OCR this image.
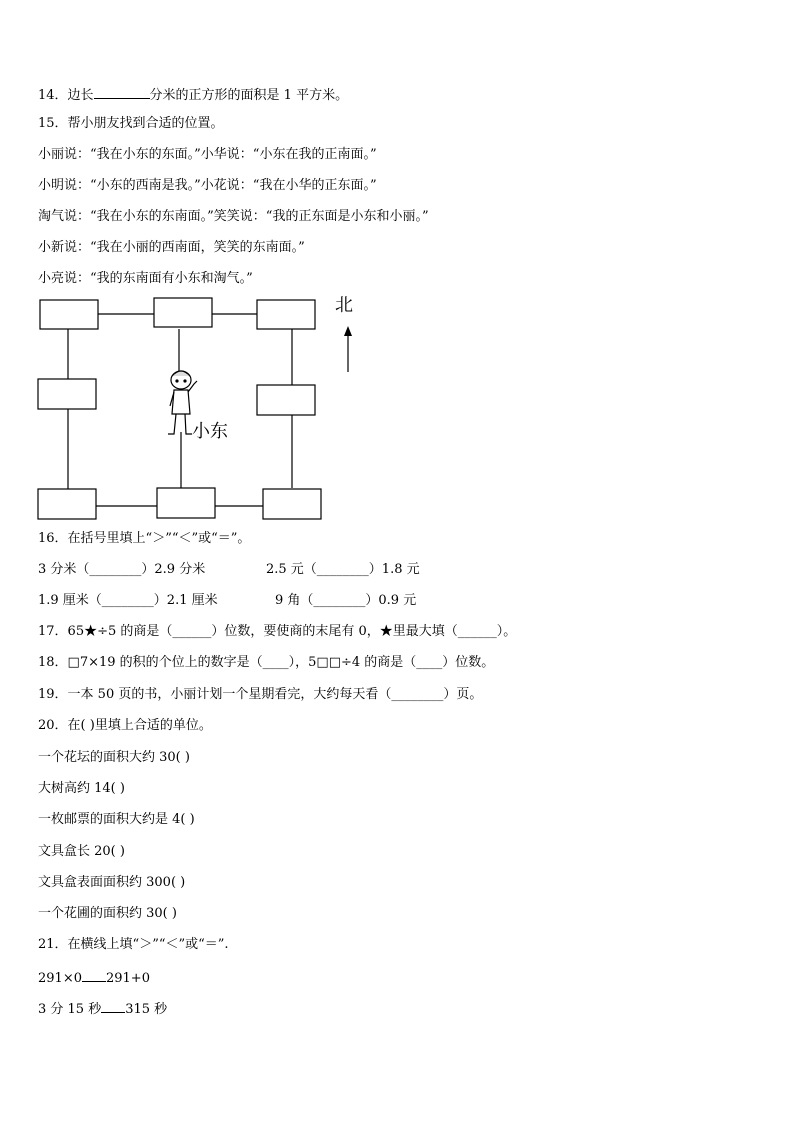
14．边长	分米的正方形的面积是 1 平方米。
15．帮小朋友找到合适的位置。
小丽说：“我在小东的东面。”小华说：“小东在我的正南面。”
小明说：“小东的西南是我。”小花说：“我在小华的正东面。”
淘气说：“我在小东的东南面。”笑笑说：“我的正东面是小东和小丽。”
小新说：“我在小丽的西南面，笑笑的东南面。”
小亮说：“我的东南面有小东和淘气。”
北
小东
16．在括号里填上“＞”“＜”或“＝”。
3 分米（________）2.9 分米	2.5 元（________）1.8 元
1.9 厘米（________）2.1 厘米	9 角（________）0.9 元
17．65★÷5 的商是（______）位数，要使商的末尾有 0，★里最大填（______）。
18．□7×19 的积的个位上的数字是（____），5□□÷4 的商是（____）位数。
19．一本 50 页的书，小丽计划一个星期看完，大约每天看（________）页。
20．在( )里填上合适的单位。
一个花坛的面积大约 30( )
大树高约 14( )
一枚邮票的面积大约是 4( )
文具盒长 20( )
文具盒表面面积约 300( )
一个花圃的面积约 30( )
21．在横线上填“＞”“＜”或“＝”.
291×0 291+0
3 分 15 秒 315 秒
